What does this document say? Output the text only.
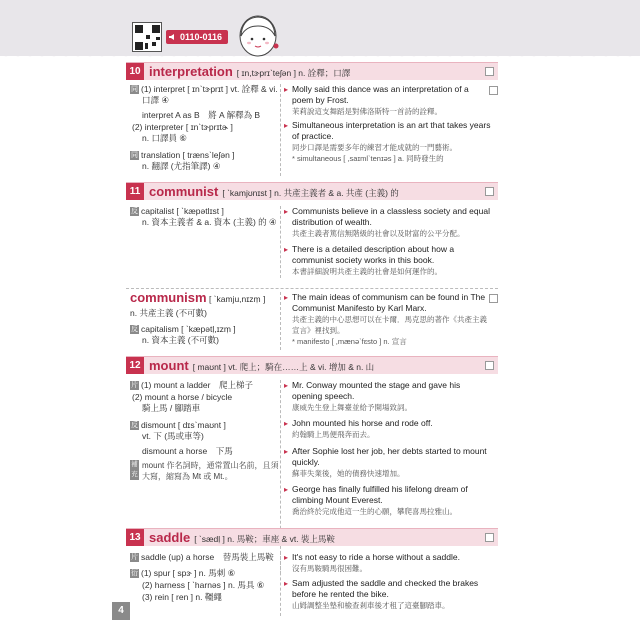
0110-0116
10 interpretation [ ɪn,tɝprɪˋteʃən ] n. 詮釋；口譯
同 (1) interpret [ ɪnˋtɝprɪt ] vt. 詮釋 & vi.
口譯 ④
interpret A as B　將 A 解釋為 B
(2) interpreter [ ɪnˋtɝprɪtɚ ]
n. 口譯員 ⑥
同 translation [ trænsˋleʃən ]
n. 翻譯 (尤指筆譯) ④
▸ Molly said this dance was an interpretation of a poem by Frost.
茉莉說這支舞蹈是對佛洛斯特一首詩的詮釋。
▸ Simultaneous interpretation is an art that takes years of practice.
同步口譯是需要多年的練習才能成就的一門藝術。
* simultaneous [ ,saɪmlˋtenɪəs ] a. 同時發生的
11 communist [ ˋkamjʊnɪst ] n. 共產主義者 & a. 共產 (主義) 的
反 capitalist [ ˋkæpətlɪst ]
n. 資本主義者 & a. 資本 (主義) 的 ④
▸ Communists believe in a classless society and equal distribution of wealth.
共產主義者篤信無階級的社會以及財富的公平分配。
▸ There is a detailed description about how a communist society works in this book.
本書詳細說明共產主義的社會是如何運作的。
communism [ ˋkamju,nɪzṃ ]
n. 共產主義 (不可數)
反 capitalism [ ˋkæpətḷ,ɪzṃ ]
n. 資本主義 (不可數)
▸ The main ideas of communism can be found in The Communist Manifesto by Karl Marx.
共產主義的中心思想可以在卡爾．馬克思的著作《共產主義宣言》裡找到。
* manifesto [ ,mænəˋfɛsto ] n. 宣言
12 mount [ maʊnt ] vt. 爬上；騎在……上 & vi. 增加 & n. 山
片 (1) mount a ladder　爬上梯子
(2) mount a horse / bicycle
騎上馬 / 腳踏車
反 dismount [ dɪsˋmaʊnt ]
vt. 下 (馬或車等)
dismount a horse　下馬
補充
mount 作名詞時，通常置山名前，且須大寫，縮寫為 Mt 或 Mt.。
▸ Mr. Conway mounted the stage and gave his opening speech.
康威先生登上舞臺並給予開場致詞。
▸ John mounted his horse and rode off.
約翰騎上馬便飛奔而去。
▸ After Sophie lost her job, her debts started to mount quickly.
蘇菲失業後，她的債務快速增加。
▸ George has finally fulfilled his lifelong dream of climbing Mount Everest.
喬治終於完成他這一生的心願，攀爬喜馬拉雅山。
13 saddle [ ˋsædḷ ] n. 馬鞍；車座 & vt. 裝上馬鞍
片 saddle (up) a horse　替馬裝上馬鞍
衍 (1) spur [ spɝ ] n. 馬刺 ⑥
(2) harness [ ˋharnəs ] n. 馬具 ⑥
(3) rein [ ren ] n. 韁繩
▸ It's not easy to ride a horse without a saddle.
沒有馬鞍騎馬很困難。
▸ Sam adjusted the saddle and checked the brakes before he rented the bike.
山姆調整坐墊和檢查剎車後才租了這臺腳踏車。
4
